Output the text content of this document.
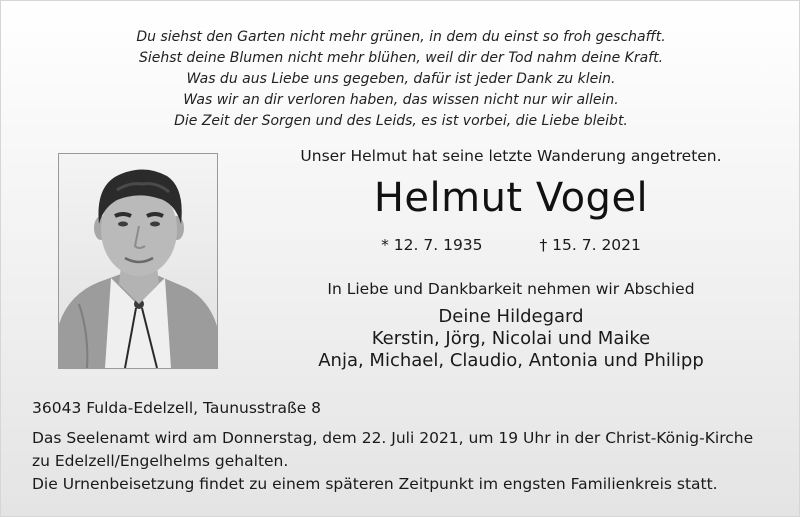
Du siehst den Garten nicht mehr grünen, in dem du einst so froh geschafft.
Siehst deine Blumen nicht mehr blühen, weil dir der Tod nahm deine Kraft.
Was du aus Liebe uns gegeben, dafür ist jeder Dank zu klein.
Was wir an dir verloren haben, das wissen nicht nur wir allein.
Die Zeit der Sorgen und des Leids, es ist vorbei, die Liebe bleibt.
Unser Helmut hat seine letzte Wanderung angetreten.
Helmut Vogel
* 12. 7. 1935	† 15. 7. 2021
In Liebe und Dankbarkeit nehmen wir Abschied
Deine Hildegard
Kerstin, Jörg, Nicolai und Maike
Anja, Michael, Claudio, Antonia und Philipp
36043 Fulda-Edelzell, Taunusstraße 8
Das Seelenamt wird am Donnerstag, dem 22. Juli 2021, um 19 Uhr in der Christ-König-Kirche
zu Edelzell/Engelhelms gehalten.
Die Urnenbeisetzung findet zu einem späteren Zeitpunkt im engsten Familienkreis statt.
